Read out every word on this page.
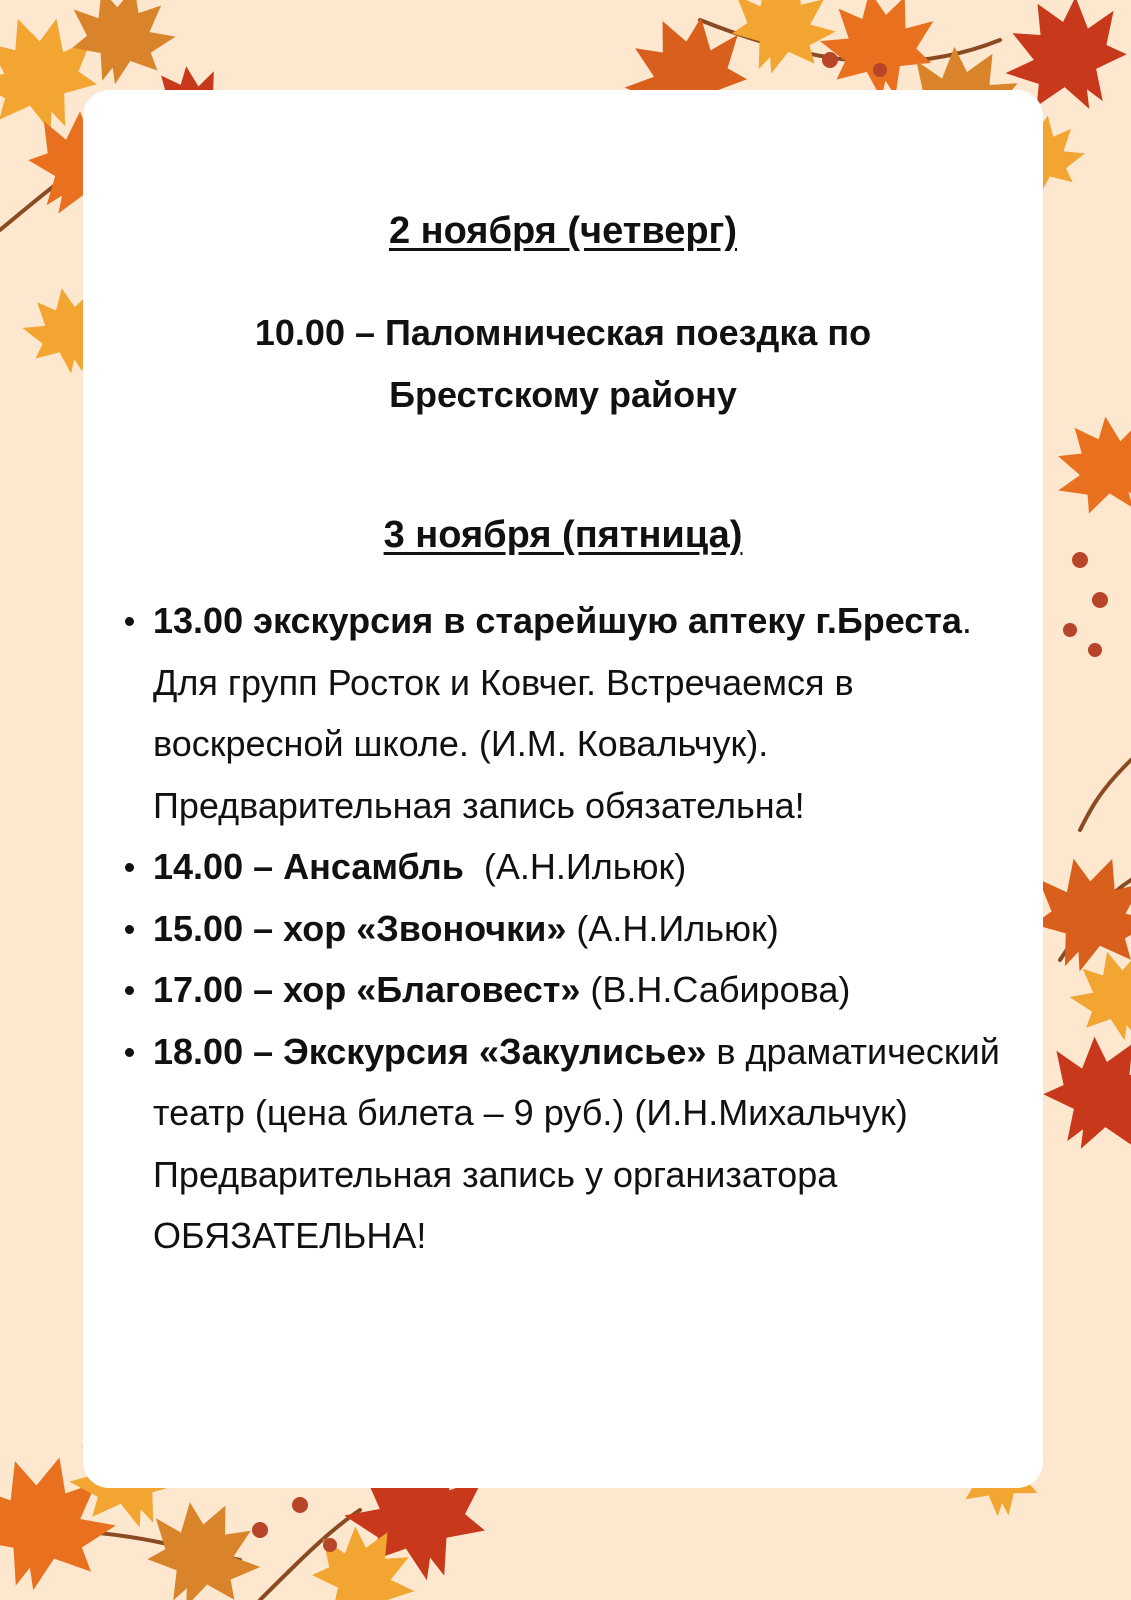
2 ноября (четверг)

10.00 – Паломническая поездка по
Брестскому району

3 ноября (пятница)
13.00 экскурсия в старейшую аптеку г.Бреста. Для групп Росток и Ковчег. Встречаемся в воскресной школе. (И.М. Ковальчук). Предварительная запись обязательна!
14.00 – Ансамбль  (А.Н.Ильюк)
15.00 – хор «Звоночки» (А.Н.Ильюк)
17.00 – хор «Благовест» (В.Н.Сабирова)
18.00 – Экскурсия «Закулисье» в драматический театр (цена билета – 9 руб.) (И.Н.Михальчук) Предварительная запись у организатора ОБЯЗАТЕЛЬНА!
